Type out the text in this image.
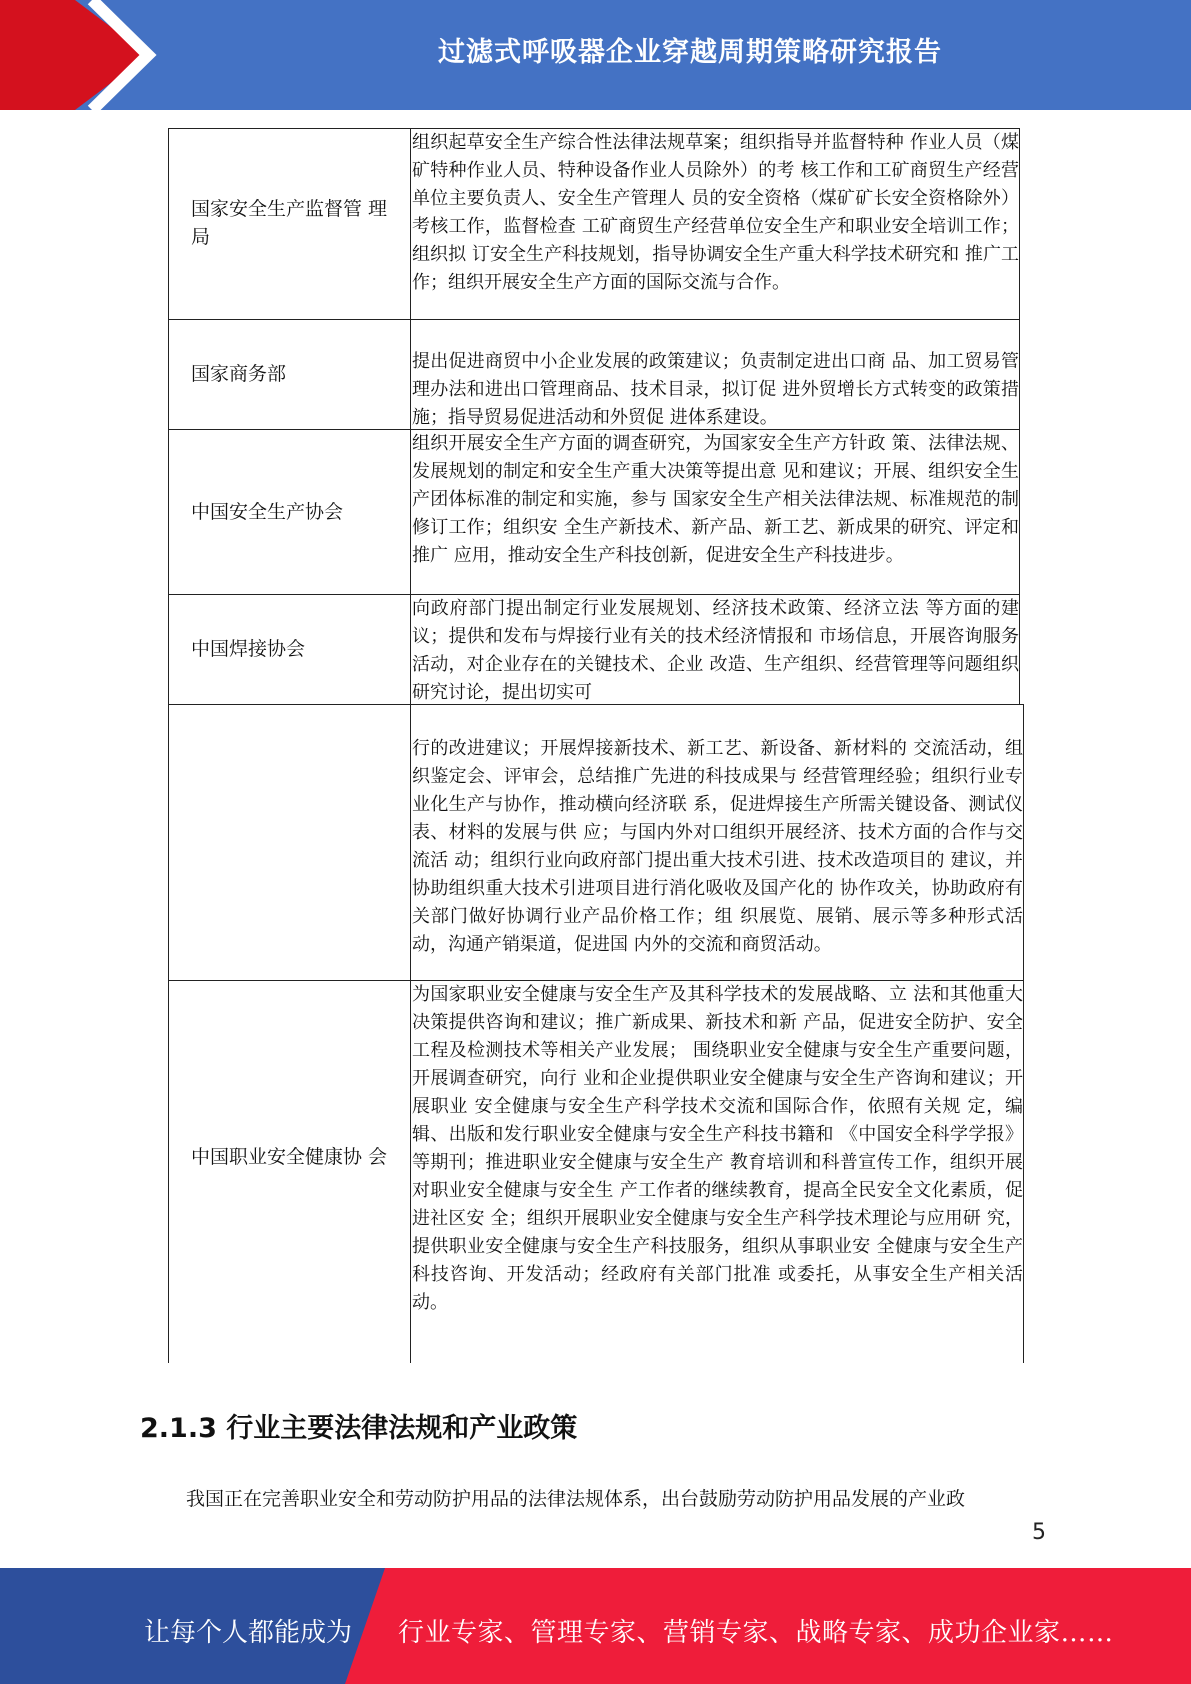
过滤式呼吸器企业穿越周期策略研究报告
国家安全生产监督管 理局
组织起草安全生产综合性法律法规草案；组织指导并监督特种 作业人员（煤矿特种作业人员、特种设备作业人员除外）的考 核工作和工矿商贸生产经营单位主要负责人、安全生产管理人 员的安全资格（煤矿矿长安全资格除外）考核工作，监督检查 工矿商贸生产经营单位安全生产和职业安全培训工作；组织拟 订安全生产科技规划，指导协调安全生产重大科学技术研究和 推广工作；组织开展安全生产方面的国际交流与合作。
国家商务部
提出促进商贸中小企业发展的政策建议；负责制定进出口商 品、加工贸易管理办法和进出口管理商品、技术目录，拟订促 进外贸增长方式转变的政策措施；指导贸易促进活动和外贸促 进体系建设。
中国安全生产协会
组织开展安全生产方面的调查研究，为国家安全生产方针政 策、法律法规、发展规划的制定和安全生产重大决策等提出意 见和建议；开展、组织安全生产团体标准的制定和实施，参与 国家安全生产相关法律法规、标准规范的制修订工作；组织安 全生产新技术、新产品、新工艺、新成果的研究、评定和推广 应用，推动安全生产科技创新，促进安全生产科技进步。
中国焊接协会
向政府部门提出制定行业发展规划、经济技术政策、经济立法 等方面的建议；提供和发布与焊接行业有关的技术经济情报和 市场信息，开展咨询服务活动，对企业存在的关键技术、企业 改造、生产组织、经营管理等问题组织研究讨论，提出切实可
行的改进建议；开展焊接新技术、新工艺、新设备、新材料的 交流活动，组织鉴定会、评审会，总结推广先进的科技成果与 经营管理经验；组织行业专业化生产与协作，推动横向经济联 系，促进焊接生产所需关键设备、测试仪表、材料的发展与供 应；与国内外对口组织开展经济、技术方面的合作与交流活 动；组织行业向政府部门提出重大技术引进、技术改造项目的 建议，并协助组织重大技术引进项目进行消化吸收及国产化的 协作攻关，协助政府有关部门做好协调行业产品价格工作；组 织展览、展销、展示等多种形式活动，沟通产销渠道，促进国 内外的交流和商贸活动。
中国职业安全健康协 会
为国家职业安全健康与安全生产及其科学技术的发展战略、立 法和其他重大决策提供咨询和建议；推广新成果、新技术和新 产品，促进安全防护、安全工程及检测技术等相关产业发展； 围绕职业安全健康与安全生产重要问题，开展调查研究，向行 业和企业提供职业安全健康与安全生产咨询和建议；开展职业 安全健康与安全生产科学技术交流和国际合作，依照有关规 定，编辑、出版和发行职业安全健康与安全生产科技书籍和 《中国安全科学学报》等期刊；推进职业安全健康与安全生产 教育培训和科普宣传工作，组织开展对职业安全健康与安全生 产工作者的继续教育，提高全民安全文化素质，促进社区安 全；组织开展职业安全健康与安全生产科学技术理论与应用研 究，提供职业安全健康与安全生产科技服务，组织从事职业安 全健康与安全生产科技咨询、开发活动；经政府有关部门批准 或委托，从事安全生产相关活动。
2.1.3 行业主要法律法规和产业政策
我国正在完善职业安全和劳动防护用品的法律法规体系，出台鼓励劳动防护用品发展的产业政
5
让每个人都能成为 行业专家、管理专家、营销专家、战略专家、成功企业家……
